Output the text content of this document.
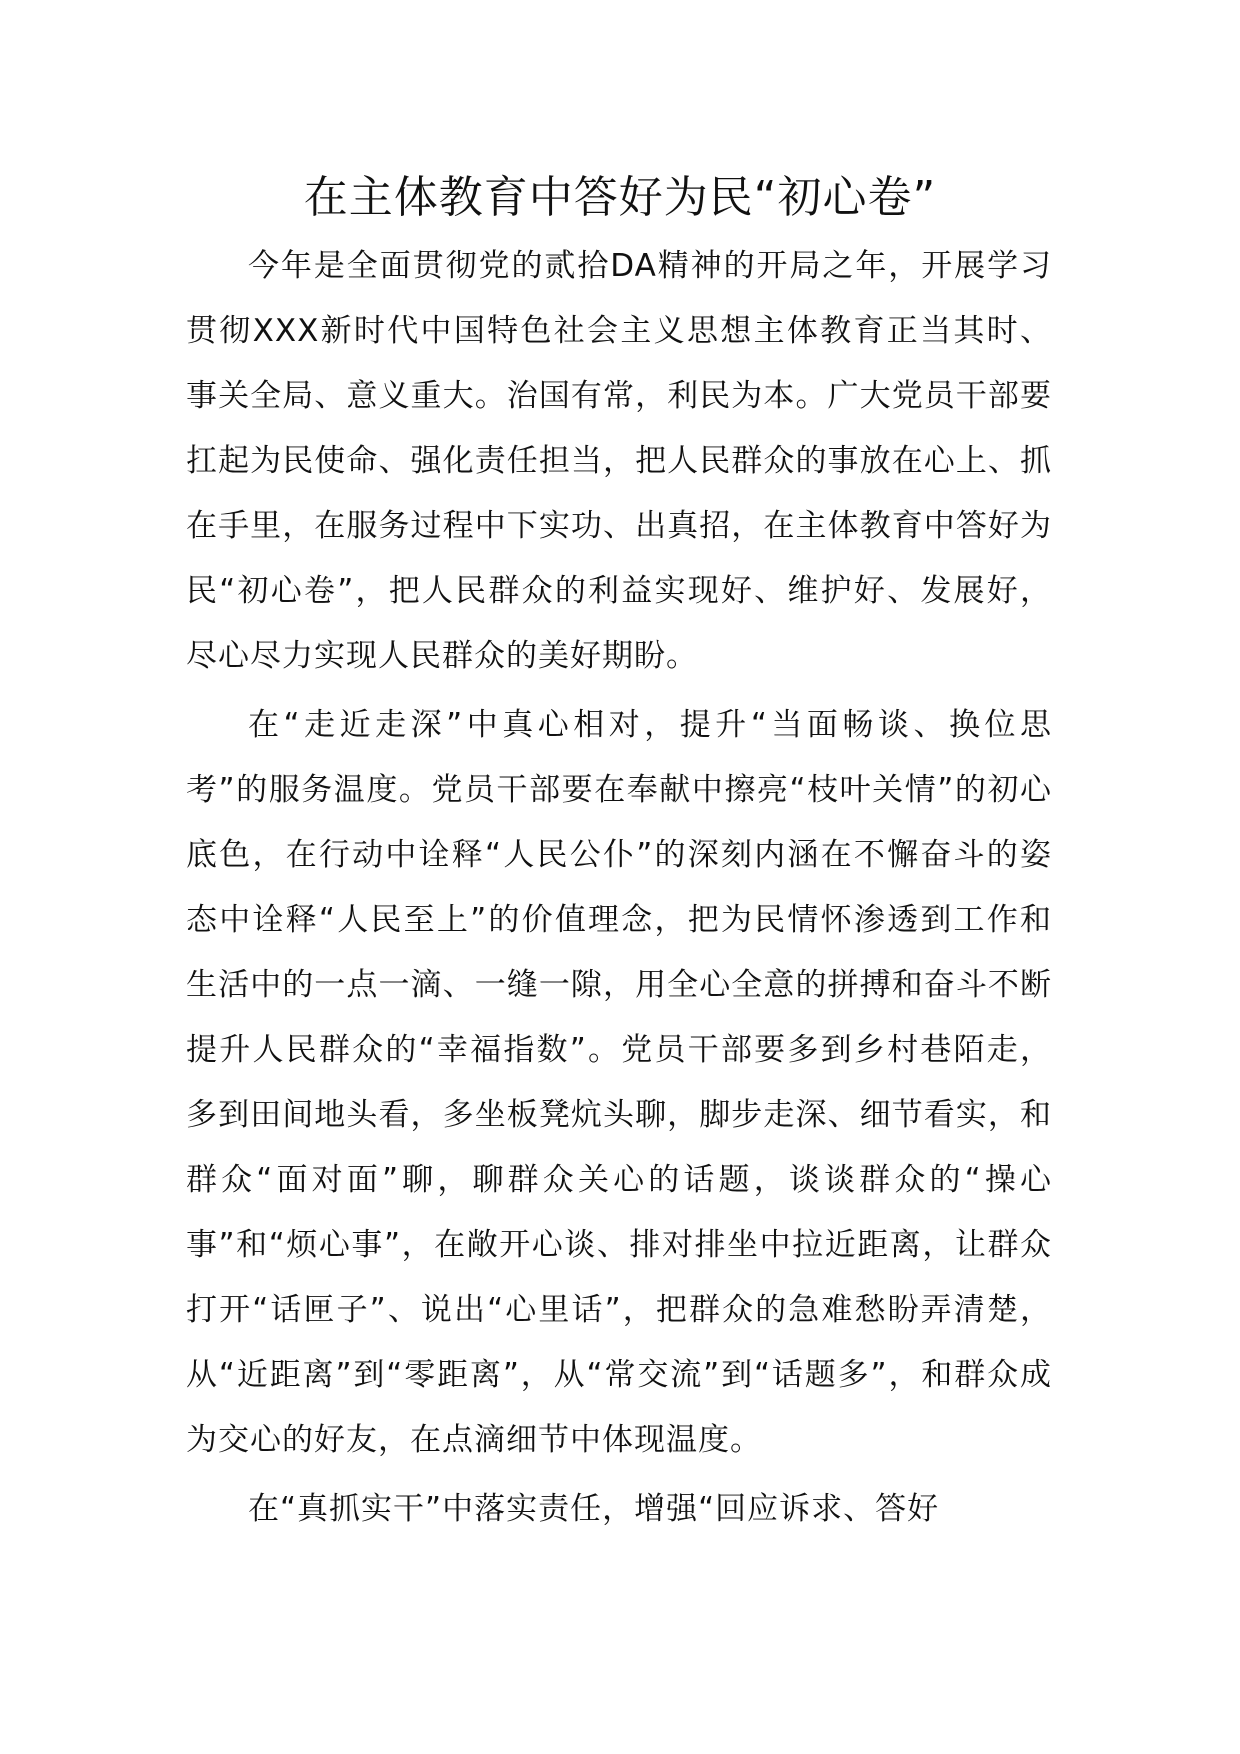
在主体教育中答好为民“初心卷”

今年是全面贯彻党的贰拾DA精神的开局之年，开展学习贯彻XXX新时代中国特色社会主义思想主体教育正当其时、事关全局、意义重大。治国有常，利民为本。广大党员干部要扛起为民使命、强化责任担当，把人民群众的事放在心上、抓在手里，在服务过程中下实功、出真招，在主体教育中答好为民“初心卷”，把人民群众的利益实现好、维护好、发展好，尽心尽力实现人民群众的美好期盼。

在“走近走深”中真心相对，提升“当面畅谈、换位思考”的服务温度。党员干部要在奉献中擦亮“枝叶关情”的初心底色，在行动中诠释“人民公仆”的深刻内涵在不懈奋斗的姿态中诠释“人民至上”的价值理念，把为民情怀渗透到工作和生活中的一点一滴、一缝一隙，用全心全意的拼搏和奋斗不断提升人民群众的“幸福指数”。党员干部要多到乡村巷陌走，多到田间地头看，多坐板凳炕头聊，脚步走深、细节看实，和群众“面对面”聊，聊群众关心的话题，谈谈群众的“操心事”和“烦心事”，在敞开心谈、排对排坐中拉近距离，让群众打开“话匣子”、说出“心里话”，把群众的急难愁盼弄清楚，从“近距离”到“零距离”，从“常交流”到“话题多”，和群众成为交心的好友，在点滴细节中体现温度。

在“真抓实干”中落实责任，增强“回应诉求、答好
